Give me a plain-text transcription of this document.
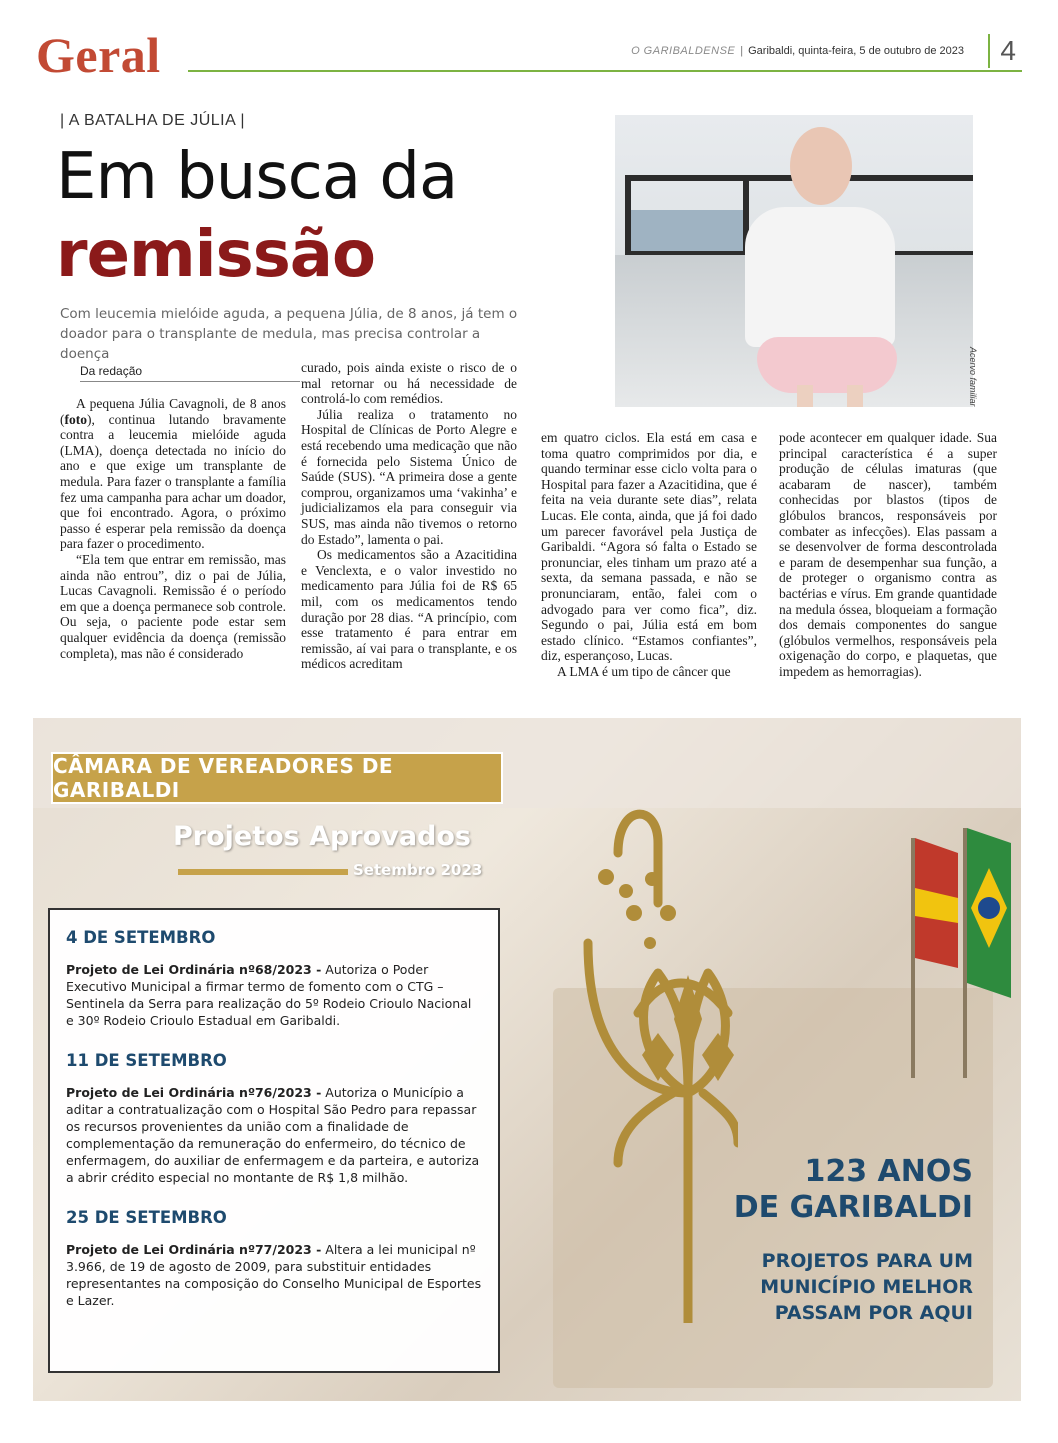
Geral	O GARIBALDENSE | Garibaldi, quinta-feira, 5 de outubro de 2023	4
| A BATALHA DE JÚLIA |
Em busca da
remissão
Com leucemia mielóide aguda, a pequena Júlia, de 8 anos, já tem o doador para o transplante de medula, mas precisa controlar a doença	Acervo familiar
Da redação

A pequena Júlia Cavagnoli, de 8 anos (foto), continua lutando bravamente contra a leucemia mielóide aguda (LMA), doença detectada no início do ano e que exige um transplante de medula. Para fazer o transplante a família fez uma campanha para achar um doador, que foi encontrado. Agora, o próximo passo é esperar pela remissão da doença para fazer o procedimento.

“Ela tem que entrar em remissão, mas ainda não entrou”, diz o pai de Júlia, Lucas Cavagnoli. Remissão é o período em que a doença permanece sob controle. Ou seja, o paciente pode estar sem qualquer evidência da doença (remissão completa), mas não é considerado

curado, pois ainda existe o risco de o mal retornar ou há necessidade de controlá-lo com remédios.

Júlia realiza o tratamento no Hospital de Clínicas de Porto Alegre e está recebendo uma medicação que não é fornecida pelo Sistema Único de Saúde (SUS). “A primeira dose a gente comprou, organizamos uma ‘vakinha’ e judicializamos ela para conseguir via SUS, mas ainda não tivemos o retorno do Estado”, lamenta o pai.

Os medicamentos são a Azacitidina e Venclexta, e o valor investido no medicamento para Júlia foi de R$ 65 mil, com os medicamentos tendo duração por 28 dias. “A princípio, com esse tratamento é para entrar em remissão, aí vai para o transplante, e os médicos acreditam

em quatro ciclos. Ela está em casa e toma quatro comprimidos por dia, e quando terminar esse ciclo volta para o Hospital para fazer a Azacitidina, que é feita na veia durante sete dias”, relata Lucas. Ele conta, ainda, que já foi dado um parecer favorável pela Justiça de Garibaldi. “Agora só falta o Estado se pronunciar, eles tinham um prazo até a sexta, da semana passada, e não se pronunciaram, então, falei com o advogado para ver como fica”, diz. Segundo o pai, Júlia está em bom estado clínico. “Estamos confiantes”, diz, esperançoso, Lucas.

A LMA é um tipo de câncer que

pode acontecer em qualquer idade. Sua principal característica é a super produção de células imaturas (que acabaram de nascer), também conhecidas por blastos (tipos de glóbulos brancos, responsáveis por combater as infecções). Elas passam a se desenvolver de forma descontrolada e param de desempenhar sua função, a de proteger o organismo contra as bactérias e vírus. Em grande quantidade na medula óssea, bloqueiam a formação dos demais componentes do sangue (glóbulos vermelhos, responsáveis pela oxigenação do corpo, e plaquetas, que impedem as hemorragias).

CÂMARA DE VEREADORES DE GARIBALDI
Projetos Aprovados
Setembro 2023
4 DE SETEMBRO
Projeto de Lei Ordinária nº68/2023 - Autoriza o Poder Executivo Municipal a firmar termo de fomento com o CTG – Sentinela da Serra para realização do 5º Rodeio Crioulo Nacional e 30º Rodeio Crioulo Estadual em Garibaldi.
11 DE SETEMBRO
Projeto de Lei Ordinária nº76/2023 - Autoriza o Município a aditar a contratualização com o Hospital São Pedro para repassar os recursos provenientes da união com a finalidade de complementação da remuneração do enfermeiro, do técnico de enfermagem, do auxiliar de enfermagem e da parteira, e autoriza a abrir crédito especial no montante de R$ 1,8 milhão.
25 DE SETEMBRO
Projeto de Lei Ordinária nº77/2023 - Altera a lei municipal nº 3.966, de 19 de agosto de 2009, para substituir entidades representantes na composição do Conselho Municipal de Esportes e Lazer.
123 ANOS
DE GARIBALDI
PROJETOS PARA UM
MUNICÍPIO MELHOR
PASSAM POR AQUI
